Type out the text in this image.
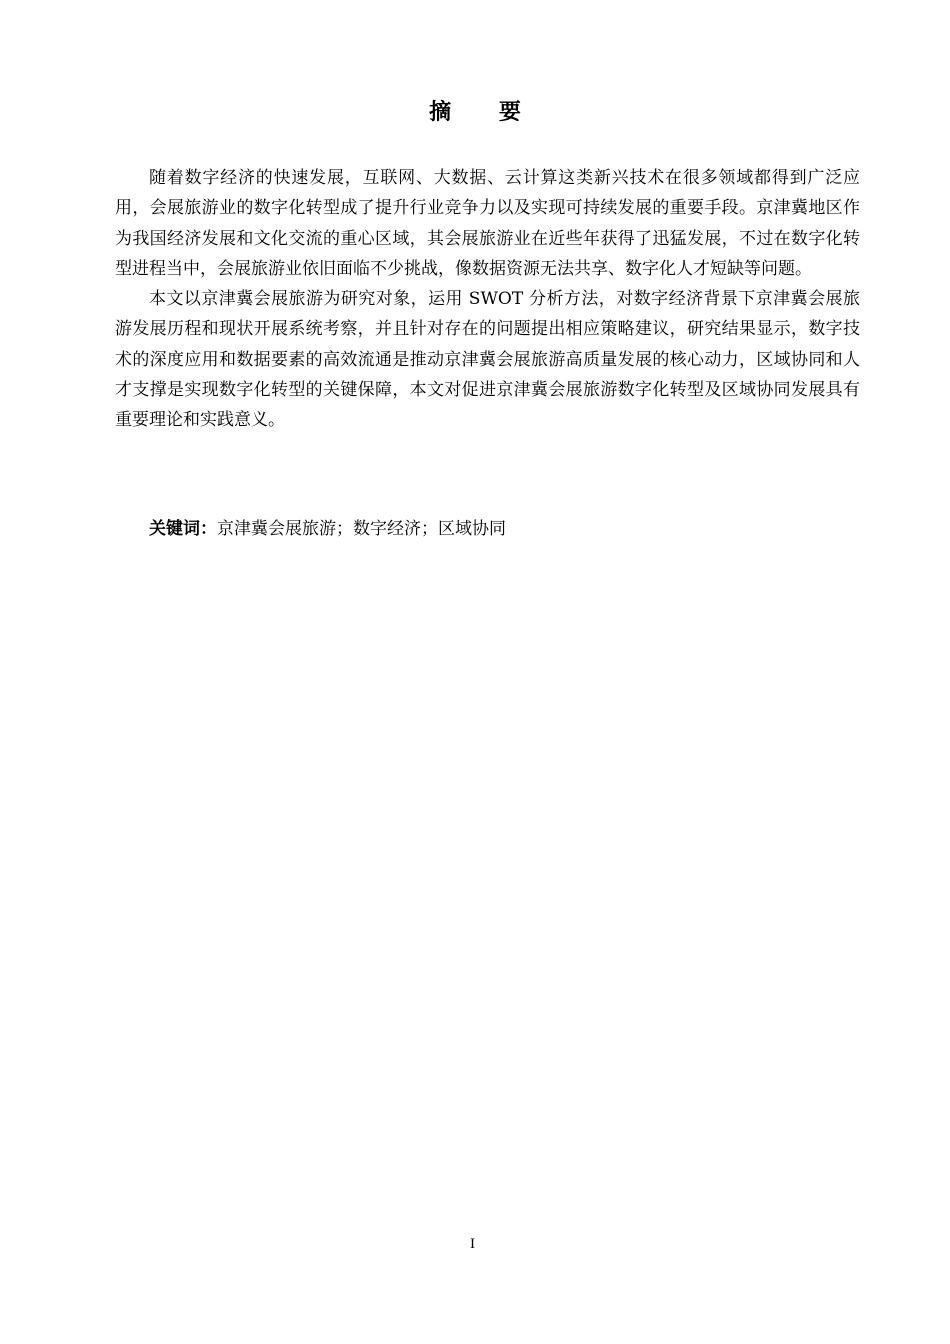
摘 要

随着数字经济的快速发展，互联网、大数据、云计算这类新兴技术在很多领域都得到广泛应用，会展旅游业的数字化转型成了提升行业竞争力以及实现可持续发展的重要手段。京津冀地区作为我国经济发展和文化交流的重心区域，其会展旅游业在近些年获得了迅猛发展，不过在数字化转型进程当中，会展旅游业依旧面临不少挑战，像数据资源无法共享、数字化人才短缺等问题。

本文以京津冀会展旅游为研究对象，运用 SWOT 分析方法，对数字经济背景下京津冀会展旅游发展历程和现状开展系统考察，并且针对存在的问题提出相应策略建议，研究结果显示，数字技术的深度应用和数据要素的高效流通是推动京津冀会展旅游高质量发展的核心动力，区域协同和人才支撑是实现数字化转型的关键保障，本文对促进京津冀会展旅游数字化转型及区域协同发展具有重要理论和实践意义。

关键词：京津冀会展旅游；数字经济；区域协同
I
